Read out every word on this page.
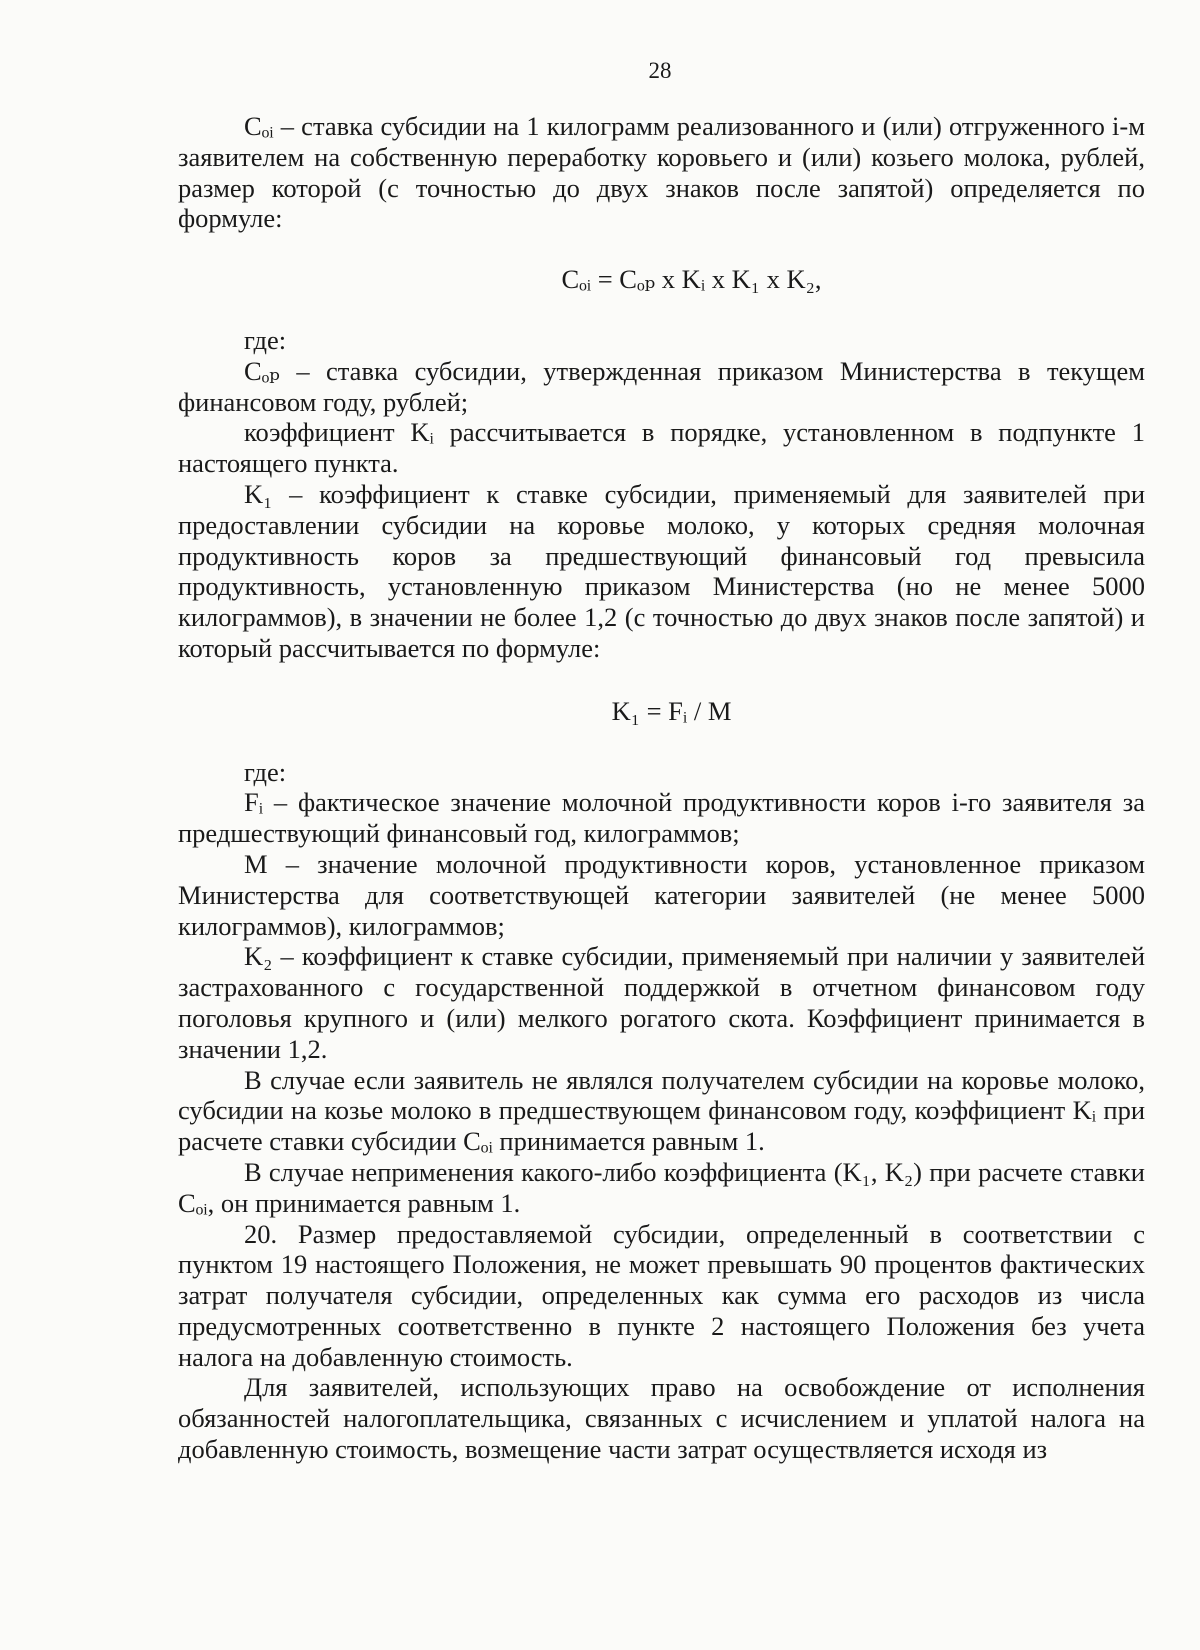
28

Cₒᵢ – ставка субсидии на 1 килограмм реализованного и (или) отгруженного i-м заявителем на собственную переработку коровьего и (или) козьего молока, рублей, размер которой (с точностью до двух знаков после запятой) определяется по формуле:

Cₒᵢ = Cₒₚ x Kᵢ x K₁ x K₂,

где:

Cₒₚ – ставка субсидии, утвержденная приказом Министерства в текущем финансовом году, рублей;

коэффициент Kᵢ рассчитывается в порядке, установленном в подпункте 1 настоящего пункта.

K₁ – коэффициент к ставке субсидии, применяемый для заявителей при предоставлении субсидии на коровье молоко, у которых средняя молочная продуктивность коров за предшествующий финансовый год превысила продуктивность, установленную приказом Министерства (но не менее 5000 килограммов), в значении не более 1,2 (с точностью до двух знаков после запятой) и который рассчитывается по формуле:

K₁ = Fᵢ / M

где:

Fᵢ – фактическое значение молочной продуктивности коров i-го заявителя за предшествующий финансовый год, килограммов;

M – значение молочной продуктивности коров, установленное приказом Министерства для соответствующей категории заявителей (не менее 5000 килограммов), килограммов;

K₂ – коэффициент к ставке субсидии, применяемый при наличии у заявителей застрахованного с государственной поддержкой в отчетном финансовом году поголовья крупного и (или) мелкого рогатого скота. Коэффициент принимается в значении 1,2.

В случае если заявитель не являлся получателем субсидии на коровье молоко, субсидии на козье молоко в предшествующем финансовом году, коэффициент Kᵢ при расчете ставки субсидии Cₒᵢ принимается равным 1.

В случае неприменения какого-либо коэффициента (K₁, K₂) при расчете ставки Cₒᵢ, он принимается равным 1.

20. Размер предоставляемой субсидии, определенный в соответствии с пунктом 19 настоящего Положения, не может превышать 90 процентов фактических затрат получателя субсидии, определенных как сумма его расходов из числа предусмотренных соответственно в пункте 2 настоящего Положения без учета налога на добавленную стоимость.

Для заявителей, использующих право на освобождение от исполнения обязанностей налогоплательщика, связанных с исчислением и уплатой налога на добавленную стоимость, возмещение части затрат осуществляется исходя из
